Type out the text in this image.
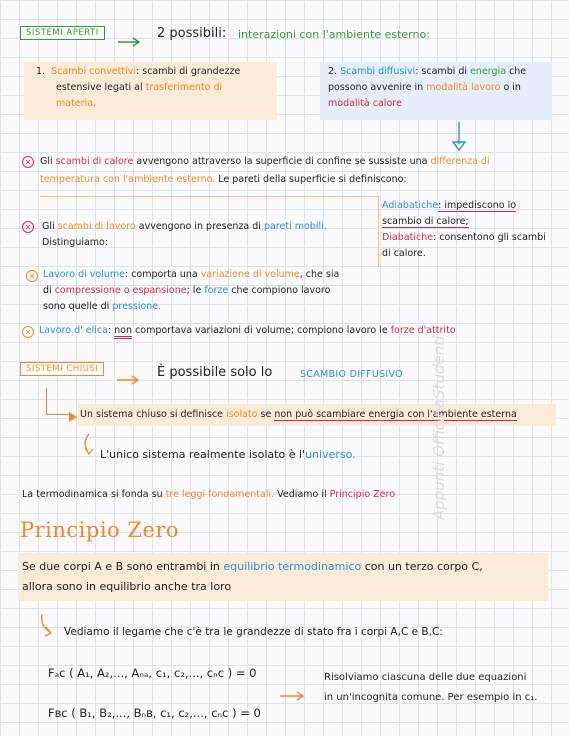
SISTEMI APERTI	2 possibili: interazioni con l'ambiente esterno:
1. Scambi convettivi: scambi di grandezze
estensive legati al trasferimento di
materia.
2. Scambi diffusivi: scambi di energia che
possono avvenire in modalità lavoro o in
modalità calore
✕ Gli scambi di calore avvengono attraverso la superficie di confine se sussiste una differenza di
temperatura con l'ambiente esterno. Le pareti della superficie si definiscono:
Adiabatiche: impediscono lo
scambio di calore;
Diabatiche: consentono gli scambi
di calore.
✕ Gli scambi di lavoro avvengono in presenza di pareti mobili.
Distinguiamo:
✕ Lavoro di volume: comporta una variazione di volume, che sia
di compressione o espansione; le forze che compiono lavoro
sono quelle di pressione.
✕ Lavoro d' elica: non comportava variazioni di volume; compiono lavoro le forze d'attrito
SISTEMI CHIUSI	È possibile solo lo	SCAMBIO DIFFUSIVO
Un sistema chiuso si definisce isolato se non può scambiare energia con l'ambiente esterna
L'unico sistema realmente isolato è l'universo.
La termodinamica si fonda su tre leggi fondamentali. Vediamo il Principio Zero
Principio Zero
Se due corpi A e B sono entrambi in equilibrio termodinamico con un terzo corpo C,
allora sono in equilibrio anche tra loro
Vediamo il legame che c'è tra le grandezze di stato fra i corpi A,C e B,C:
Fₐᴄ ( A₁, A₂,..., Aₙₐ, c₁, c₂,..., cₙc ) = 0
Fʙᴄ ( B₁, B₂,..., Bₙʙ, c₁, c₂,..., cₙc ) = 0
Risolviamo ciascuna delle due equazioni
in un'incognita comune. Per esempio in c₁.
Appunti OfficinaStudenti
